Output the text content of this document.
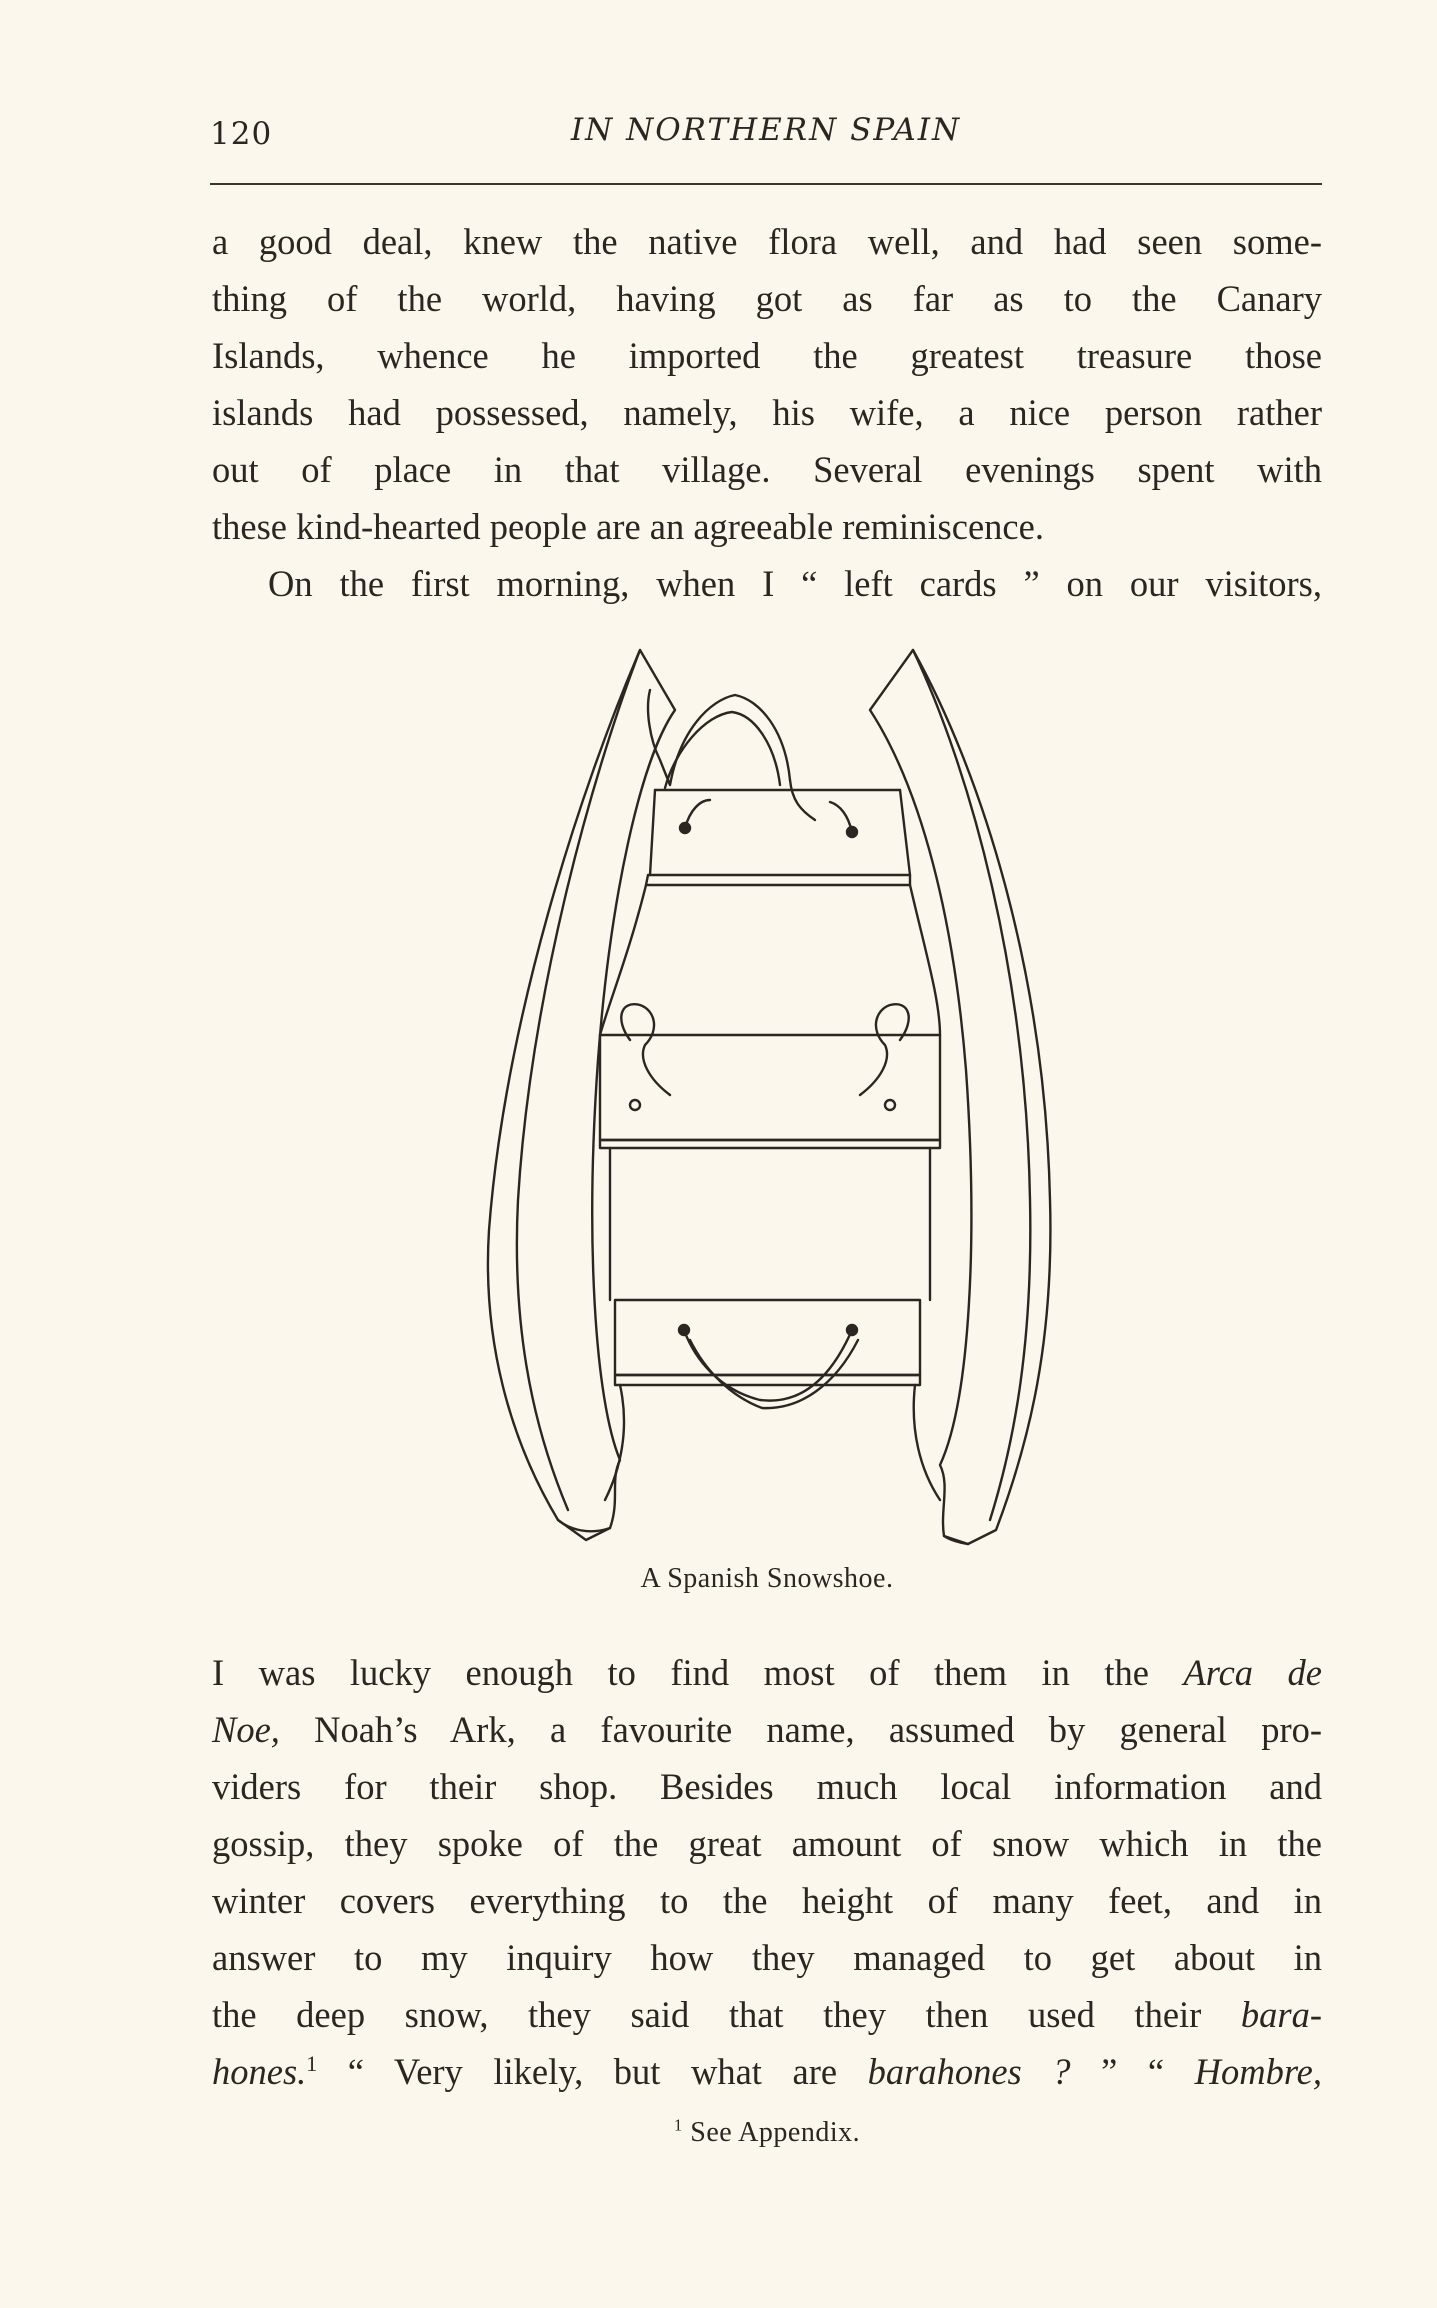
120	IN NORTHERN SPAIN
a good deal, knew the native flora well, and had seen some-
thing of the world, having got as far as to the Canary
Islands, whence he imported the greatest treasure those
islands had possessed, namely, his wife, a nice person rather
out of place in that village. Several evenings spent with
these kind-hearted people are an agreeable reminiscence.
On the first morning, when I “ left cards ” on our visitors,
A Spanish Snowshoe.
I was lucky enough to find most of them in the Arca de
Noe, Noah’s Ark, a favourite name, assumed by general pro-
viders for their shop. Besides much local information and
gossip, they spoke of the great amount of snow which in the
winter covers everything to the height of many feet, and in
answer to my inquiry how they managed to get about in
the deep snow, they said that they then used their bara-
hones.$^1$ “ Very likely, but what are barahones ? ” “ Hombre,
$^1$ See Appendix.
